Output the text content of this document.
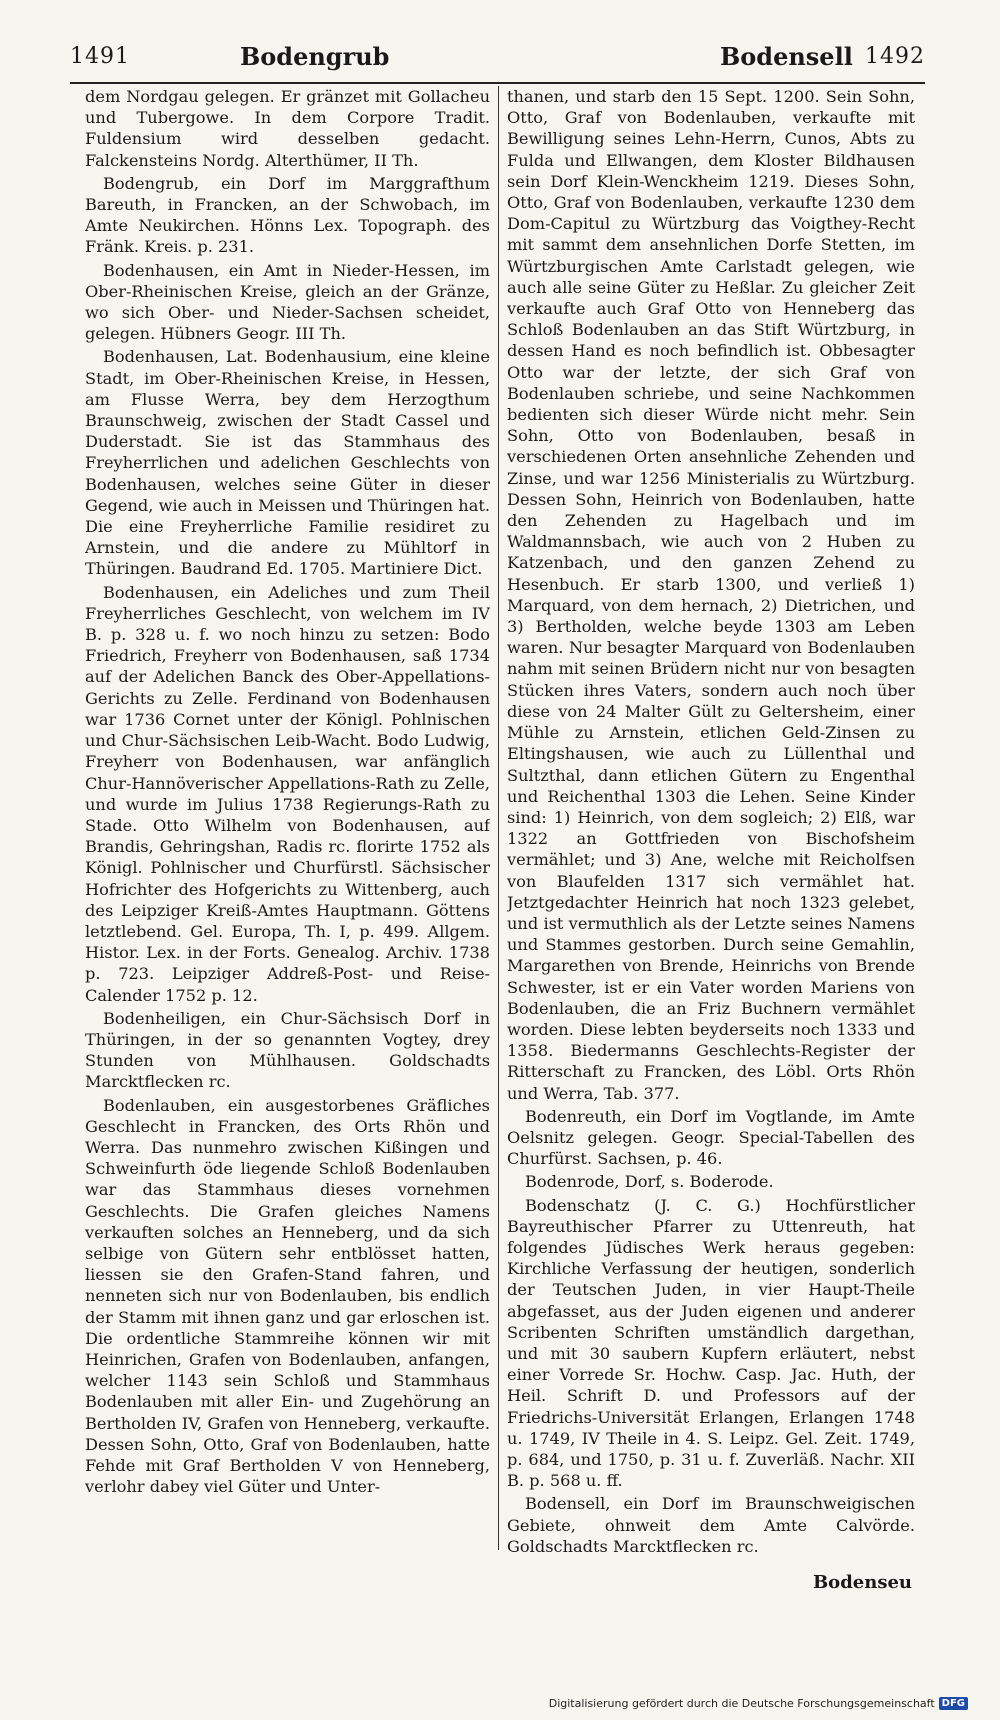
1491	Bodengrub	Bodensell 1492

dem Nordgau gelegen. Er gränzet mit Gollacheu und Tubergowe. In dem Corpore Tradit. Fuldensium wird desselben gedacht. Falckensteins Nordg. Alterthümer, II Th.

Bodengrub, ein Dorf im Marggrafthum Bareuth, in Francken, an der Schwobach, im Amte Neukirchen. Hönns Lex. Topograph. des Fränk. Kreis. p. 231.

Bodenhausen, ein Amt in Nieder-Hessen, im Ober-Rheinischen Kreise, gleich an der Gränze, wo sich Ober- und Nieder-Sachsen scheidet, gelegen. Hübners Geogr. III Th.

Bodenhausen, Lat. Bodenhausium, eine kleine Stadt, im Ober-Rheinischen Kreise, in Hessen, am Flusse Werra, bey dem Herzogthum Braunschweig, zwischen der Stadt Cassel und Duderstadt. Sie ist das Stammhaus des Freyherrlichen und adelichen Geschlechts von Bodenhausen, welches seine Güter in dieser Gegend, wie auch in Meissen und Thüringen hat. Die eine Freyherrliche Familie residiret zu Arnstein, und die andere zu Mühltorf in Thüringen. Baudrand Ed. 1705. Martiniere Dict.

Bodenhausen, ein Adeliches und zum Theil Freyherrliches Geschlecht, von welchem im IV B. p. 328 u. f. wo noch hinzu zu setzen: Bodo Friedrich, Freyherr von Bodenhausen, saß 1734 auf der Adelichen Banck des Ober-Appellations-Gerichts zu Zelle. Ferdinand von Bodenhausen war 1736 Cornet unter der Königl. Pohlnischen und Chur-Sächsischen Leib-Wacht. Bodo Ludwig, Freyherr von Bodenhausen, war anfänglich Chur-Hannöverischer Appellations-Rath zu Zelle, und wurde im Julius 1738 Regierungs-Rath zu Stade. Otto Wilhelm von Bodenhausen, auf Brandis, Gehringshan, Radis rc. florirte 1752 als Königl. Pohlnischer und Churfürstl. Sächsischer Hofrichter des Hofgerichts zu Wittenberg, auch des Leipziger Kreiß-Amtes Hauptmann. Göttens letztlebend. Gel. Europa, Th. I, p. 499. Allgem. Histor. Lex. in der Forts. Genealog. Archiv. 1738 p. 723. Leipziger Addreß-Post- und Reise-Calender 1752 p. 12.

Bodenheiligen, ein Chur-Sächsisch Dorf in Thüringen, in der so genannten Vogtey, drey Stunden von Mühlhausen. Goldschadts Marcktflecken rc.

Bodenlauben, ein ausgestorbenes Gräfliches Geschlecht in Francken, des Orts Rhön und Werra. Das nunmehro zwischen Kißingen und Schweinfurth öde liegende Schloß Bodenlauben war das Stammhaus dieses vornehmen Geschlechts. Die Grafen gleiches Namens verkauften solches an Henneberg, und da sich selbige von Gütern sehr entblösset hatten, liessen sie den Grafen-Stand fahren, und nenneten sich nur von Bodenlauben, bis endlich der Stamm mit ihnen ganz und gar erloschen ist. Die ordentliche Stammreihe können wir mit Heinrichen, Grafen von Bodenlauben, anfangen, welcher 1143 sein Schloß und Stammhaus Bodenlauben mit aller Ein- und Zugehörung an Bertholden IV, Grafen von Henneberg, verkaufte. Dessen Sohn, Otto, Graf von Bodenlauben, hatte Fehde mit Graf Bertholden V von Henneberg, verlohr dabey viel Güter und Unter-

thanen, und starb den 15 Sept. 1200. Sein Sohn, Otto, Graf von Bodenlauben, verkaufte mit Bewilligung seines Lehn-Herrn, Cunos, Abts zu Fulda und Ellwangen, dem Kloster Bildhausen sein Dorf Klein-Wenckheim 1219. Dieses Sohn, Otto, Graf von Bodenlauben, verkaufte 1230 dem Dom-Capitul zu Würtzburg das Voigthey-Recht mit sammt dem ansehnlichen Dorfe Stetten, im Würtzburgischen Amte Carlstadt gelegen, wie auch alle seine Güter zu Heßlar. Zu gleicher Zeit verkaufte auch Graf Otto von Henneberg das Schloß Bodenlauben an das Stift Würtzburg, in dessen Hand es noch befindlich ist. Obbesagter Otto war der letzte, der sich Graf von Bodenlauben schriebe, und seine Nachkommen bedienten sich dieser Würde nicht mehr. Sein Sohn, Otto von Bodenlauben, besaß in verschiedenen Orten ansehnliche Zehenden und Zinse, und war 1256 Ministerialis zu Würtzburg. Dessen Sohn, Heinrich von Bodenlauben, hatte den Zehenden zu Hagelbach und im Waldmannsbach, wie auch von 2 Huben zu Katzenbach, und den ganzen Zehend zu Hesenbuch. Er starb 1300, und verließ 1) Marquard, von dem hernach, 2) Dietrichen, und 3) Bertholden, welche beyde 1303 am Leben waren. Nur besagter Marquard von Bodenlauben nahm mit seinen Brüdern nicht nur von besagten Stücken ihres Vaters, sondern auch noch über diese von 24 Malter Gült zu Geltersheim, einer Mühle zu Arnstein, etlichen Geld-Zinsen zu Eltingshausen, wie auch zu Lüllenthal und Sultzthal, dann etlichen Gütern zu Engenthal und Reichenthal 1303 die Lehen. Seine Kinder sind: 1) Heinrich, von dem sogleich; 2) Elß, war 1322 an Gottfrieden von Bischofsheim vermählet; und 3) Ane, welche mit Reicholfsen von Blaufelden 1317 sich vermählet hat. Jetztgedachter Heinrich hat noch 1323 gelebet, und ist vermuthlich als der Letzte seines Namens und Stammes gestorben. Durch seine Gemahlin, Margarethen von Brende, Heinrichs von Brende Schwester, ist er ein Vater worden Mariens von Bodenlauben, die an Friz Buchnern vermählet worden. Diese lebten beyderseits noch 1333 und 1358. Biedermanns Geschlechts-Register der Ritterschaft zu Francken, des Löbl. Orts Rhön und Werra, Tab. 377.

Bodenreuth, ein Dorf im Vogtlande, im Amte Oelsnitz gelegen. Geogr. Special-Tabellen des Churfürst. Sachsen, p. 46.

Bodenrode, Dorf, s. Boderode.

Bodenschatz (J. C. G.) Hochfürstlicher Bayreuthischer Pfarrer zu Uttenreuth, hat folgendes Jüdisches Werk heraus gegeben: Kirchliche Verfassung der heutigen, sonderlich der Teutschen Juden, in vier Haupt-Theile abgefasset, aus der Juden eigenen und anderer Scribenten Schriften umständlich dargethan, und mit 30 saubern Kupfern erläutert, nebst einer Vorrede Sr. Hochw. Casp. Jac. Huth, der Heil. Schrift D. und Professors auf der Friedrichs-Universität Erlangen, Erlangen 1748 u. 1749, IV Theile in 4. S. Leipz. Gel. Zeit. 1749, p. 684, und 1750, p. 31 u. f. Zuverläß. Nachr. XII B. p. 568 u. ff.

Bodensell, ein Dorf im Braunschweigischen Gebiete, ohnweit dem Amte Calvörde. Goldschadts Marcktflecken rc.

Bodenseu
Digitalisierung gefördert durch die Deutsche Forschungsgemeinschaft DFG
